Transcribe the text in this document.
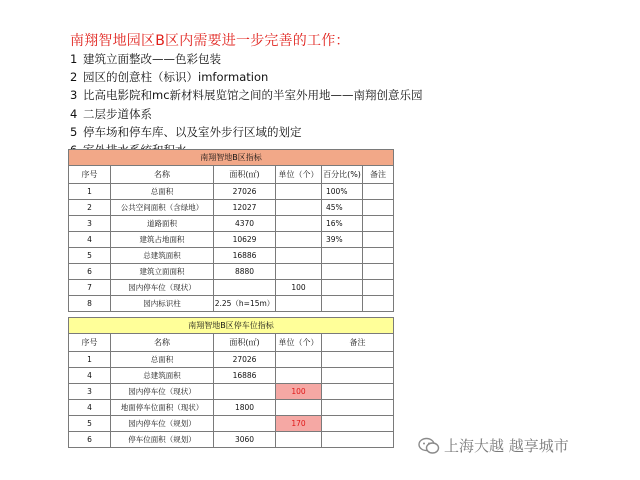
南翔智地园区B区内需要进一步完善的工作：
1 建筑立面整改——色彩包装
2 园区的创意柱（标识）imformation
3 比高电影院和mc新材料展览馆之间的半室外用地——南翔创意乐园
4 二层步道体系
5 停车场和停车库、以及室外步行区域的划定
南翔智地B区指标					
序号	名称	面积(㎡)	单位（个）	百分比(%)	备注
1	总面积	27026		100%	
2	公共空间面积（含绿地）	12027		45%	
3	道路面积	4370		16%	
4	建筑占地面积	10629		39%	
5	总建筑面积	16886			
6	建筑立面面积	8880			
7	园内停车位（现状）		100		
8	园内标识柱	2.25（h=15m）			
南翔智地B区停车位指标				
序号	名称	面积(㎡)	单位（个）	备注
1	总面积	27026		
4	总建筑面积	16886		
3	园内停车位（现状）		100	
4	地面停车位面积（现状）	1800		
5	园内停车位（规划）		170	
6	停车位面积（规划）	3060			上海大越 越享城市
